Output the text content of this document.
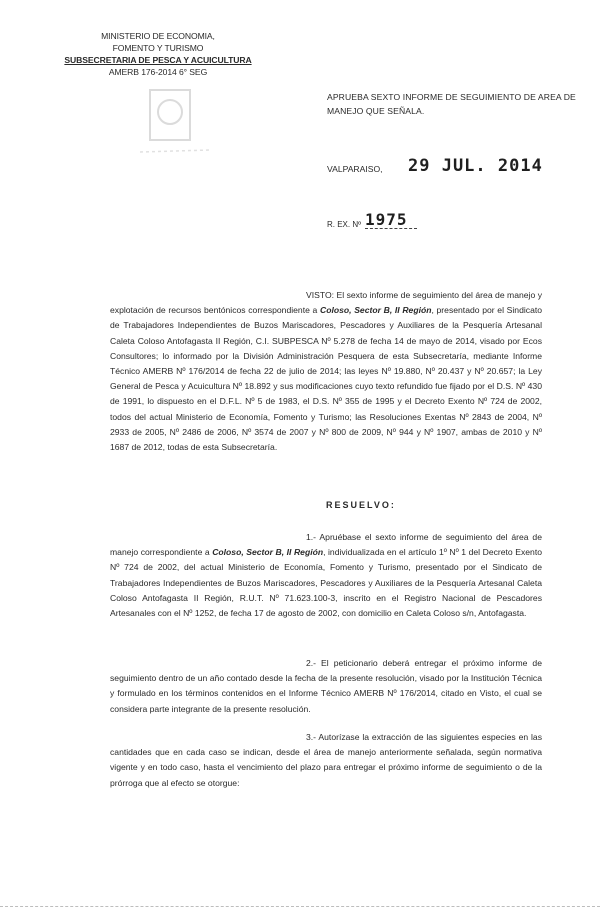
MINISTERIO DE ECONOMIA,
FOMENTO Y TURISMO
SUBSECRETARIA DE PESCA Y ACUICULTURA
AMERB 176-2014 6° SEG
APRUEBA SEXTO INFORME DE SEGUIMIENTO DE AREA DE MANEJO QUE SEÑALA.
VALPARAISO, 29 JUL. 2014
R. EX. Nº 1975
VISTO: El sexto informe de seguimiento del área de manejo y explotación de recursos bentónicos correspondiente a Coloso, Sector B, II Región, presentado por el Sindicato de Trabajadores Independientes de Buzos Mariscadores, Pescadores y Auxiliares de la Pesquería Artesanal Caleta Coloso Antofagasta II Región, C.I. SUBPESCA Nº 5.278 de fecha 14 de mayo de 2014, visado por Ecos Consultores; lo informado por la División Administración Pesquera de esta Subsecretaría, mediante Informe Técnico AMERB Nº 176/2014 de fecha 22 de julio de 2014; las leyes Nº 19.880, Nº 20.437 y Nº 20.657; la Ley General de Pesca y Acuicultura Nº 18.892 y sus modificaciones cuyo texto refundido fue fijado por el D.S. Nº 430 de 1991, lo dispuesto en el D.F.L. Nº 5 de 1983, el D.S. Nº 355 de 1995 y el Decreto Exento Nº 724 de 2002, todos del actual Ministerio de Economía, Fomento y Turismo; las Resoluciones Exentas Nº 2843 de 2004, Nº 2933 de 2005, Nº 2486 de 2006, Nº 3574 de 2007 y Nº 800 de 2009, Nº 944 y Nº 1907, ambas de 2010 y Nº 1687 de 2012, todas de esta Subsecretaría.
RESUELVO:
1.- Apruébase el sexto informe de seguimiento del área de manejo correspondiente a Coloso, Sector B, II Región, individualizada en el artículo 1º Nº 1 del Decreto Exento Nº 724 de 2002, del actual Ministerio de Economía, Fomento y Turismo, presentado por el Sindicato de Trabajadores Independientes de Buzos Mariscadores, Pescadores y Auxiliares de la Pesquería Artesanal Caleta Coloso Antofagasta II Región, R.U.T. Nº 71.623.100-3, inscrito en el Registro Nacional de Pescadores Artesanales con el Nº 1252, de fecha 17 de agosto de 2002, con domicilio en Caleta Coloso s/n, Antofagasta.
2.- El peticionario deberá entregar el próximo informe de seguimiento dentro de un año contado desde la fecha de la presente resolución, visado por la Institución Técnica y formulado en los términos contenidos en el Informe Técnico AMERB Nº 176/2014, citado en Visto, el cual se considera parte integrante de la presente resolución.
3.- Autorízase la extracción de las siguientes especies en las cantidades que en cada caso se indican, desde el área de manejo anteriormente señalada, según normativa vigente y en todo caso, hasta el vencimiento del plazo para entregar el próximo informe de seguimiento o de la prórroga que al efecto se otorgue:
